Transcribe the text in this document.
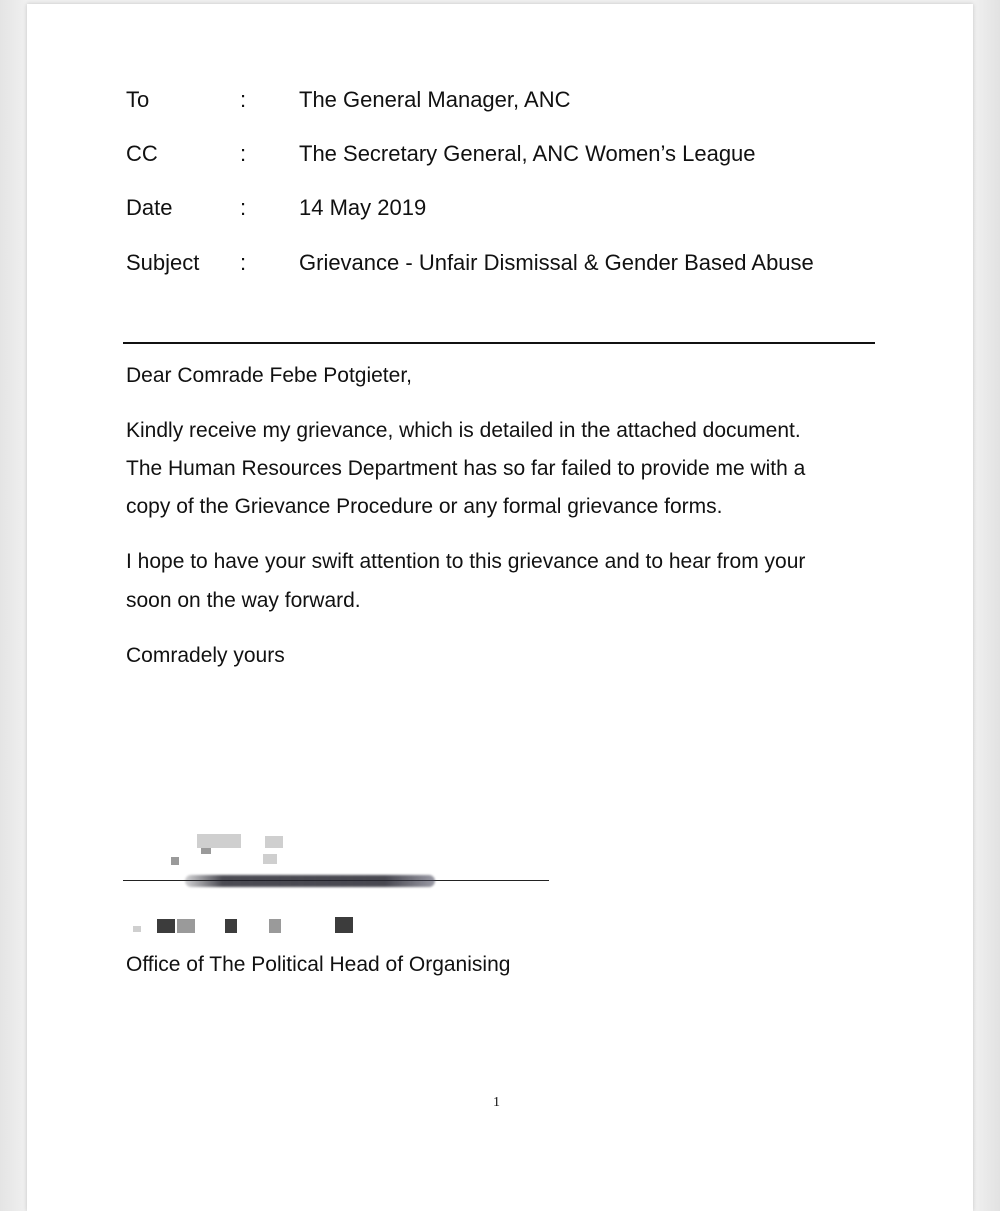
To	: The General Manager, ANC
CC	: The Secretary General, ANC Women’s League
Date	: 14 May 2019
Subject : Grievance - Unfair Dismissal & Gender Based Abuse
Dear Comrade Febe Potgieter,
Kindly receive my grievance, which is detailed in the attached document.
The Human Resources Department has so far failed to provide me with a
copy of the Grievance Procedure or any formal grievance forms.
I hope to have your swift attention to this grievance and to hear from your
soon on the way forward.
Comradely yours
Office of The Political Head of Organising
1
